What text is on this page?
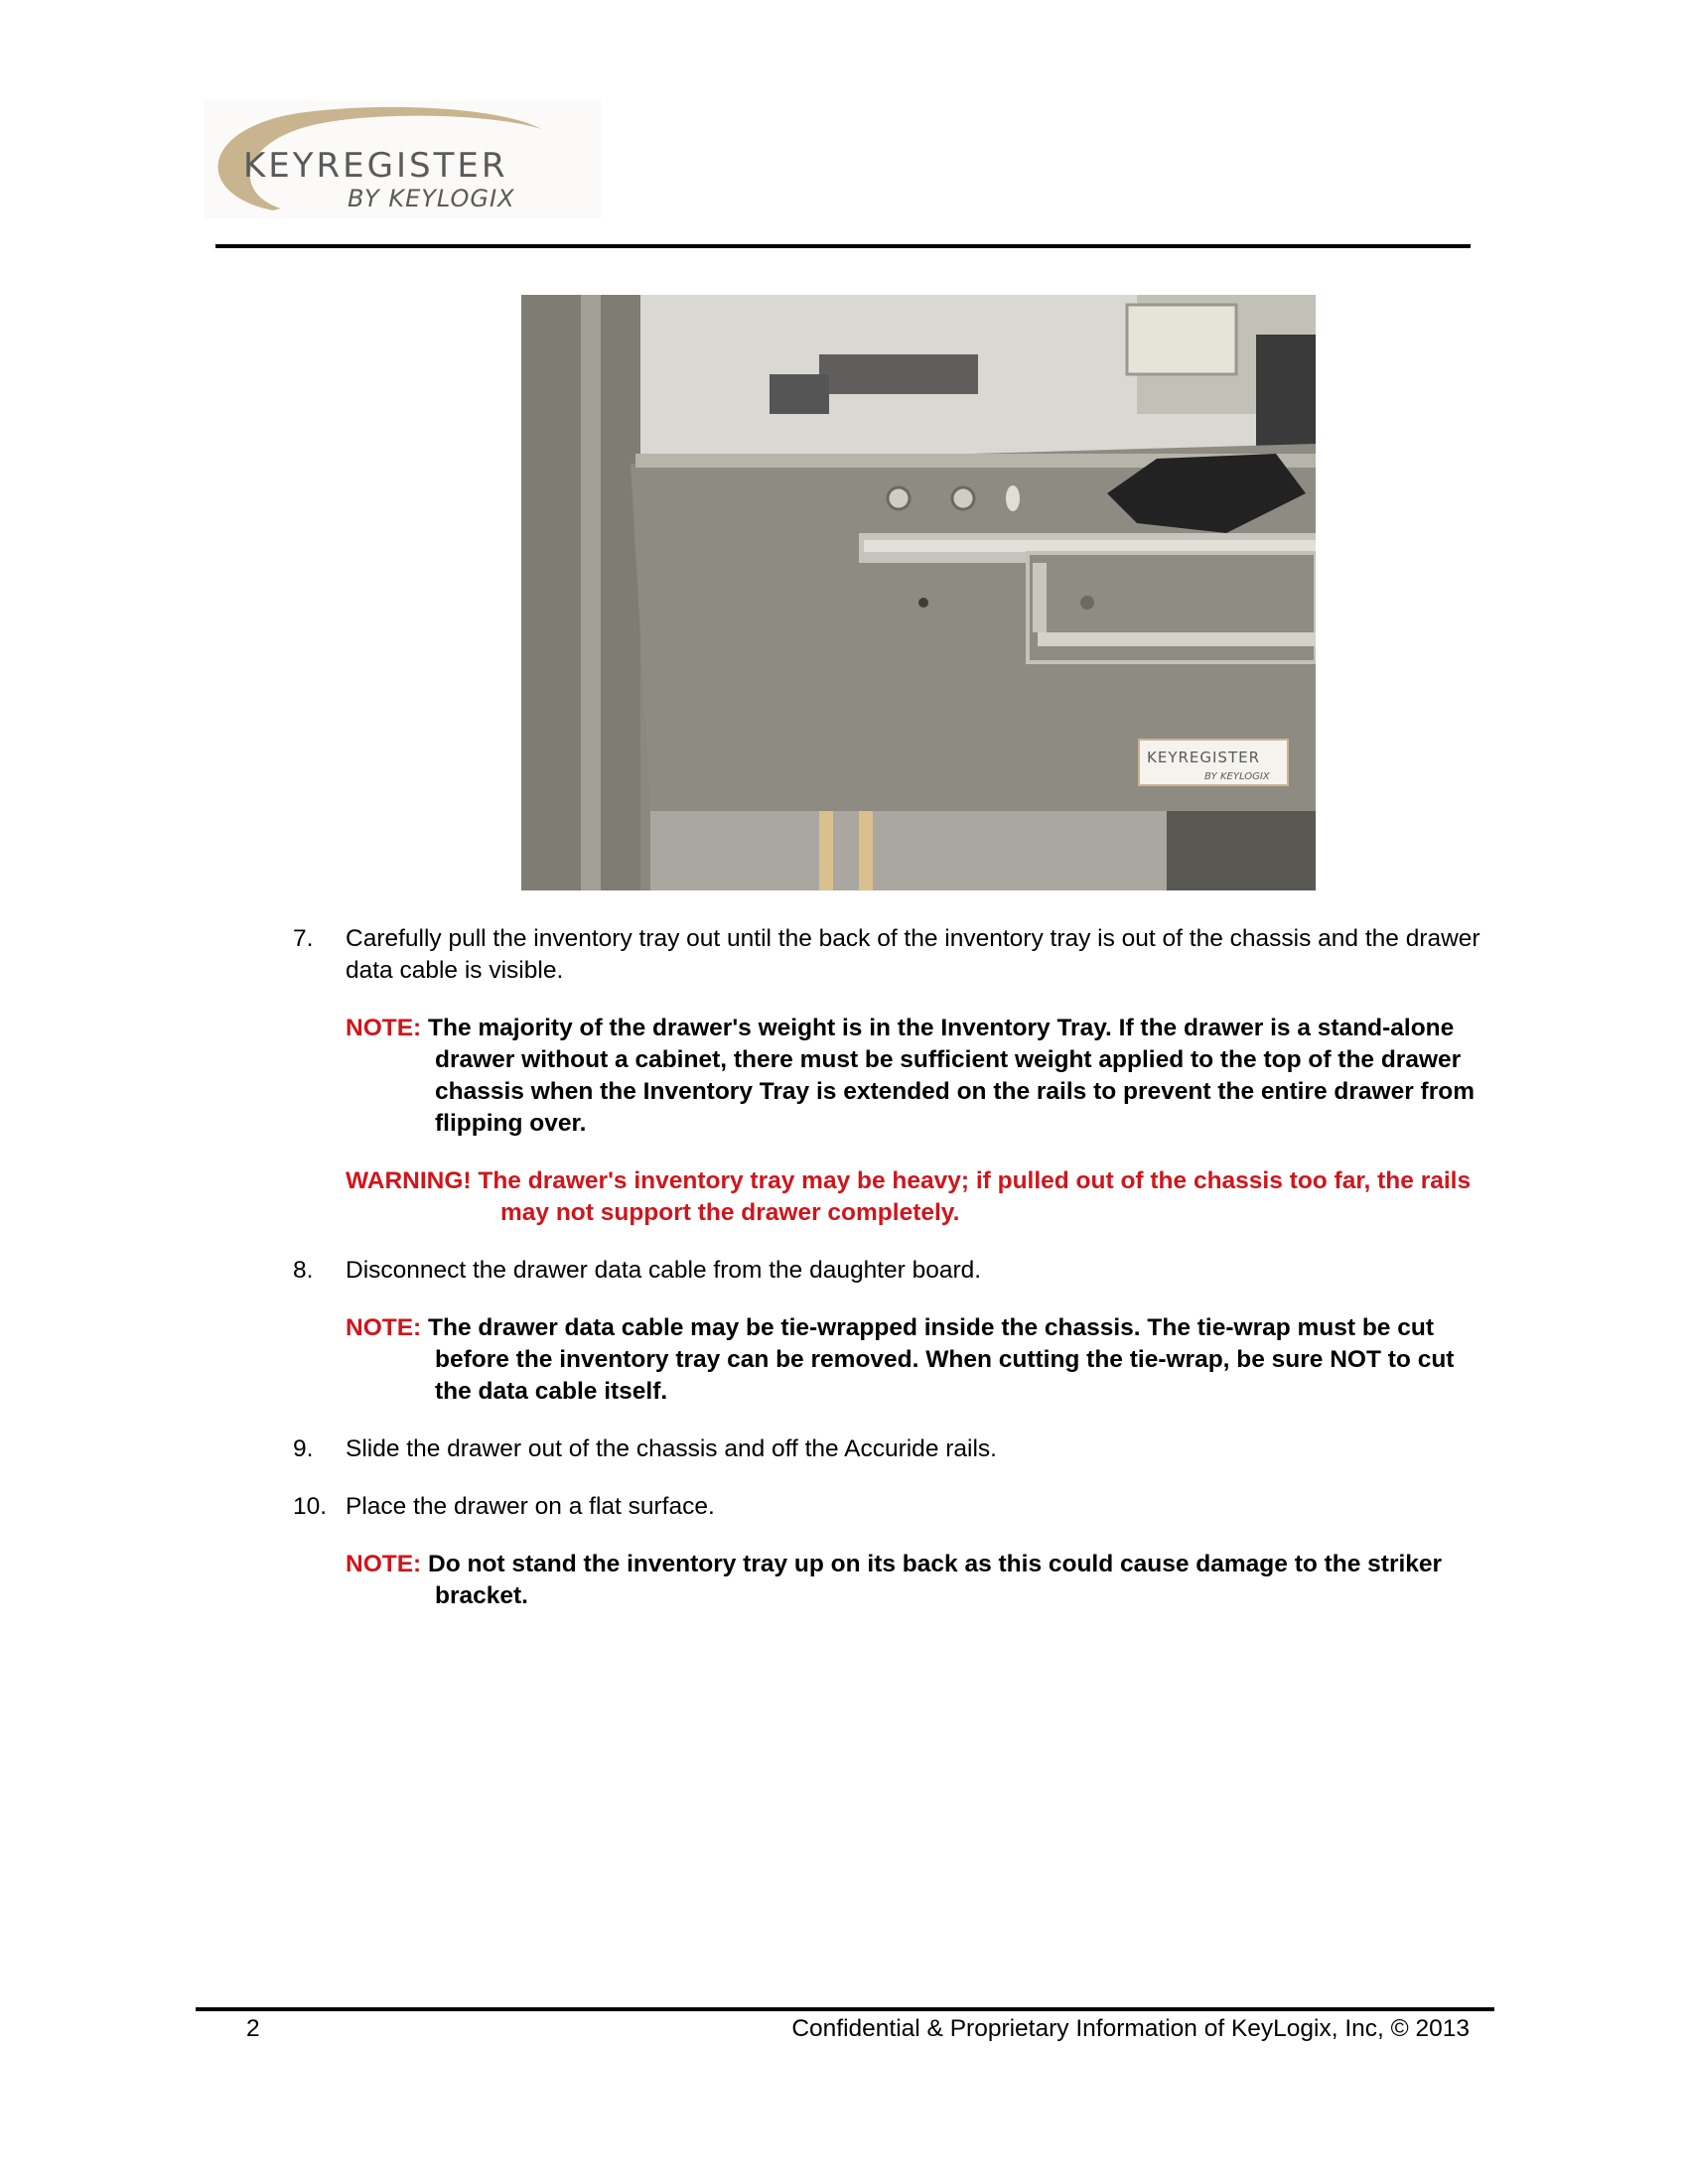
KEYREGISTER
BY KEYLOGIX
KEYREGISTER
BY KEYLOGIX
7. Carefully pull the inventory tray out until the back of the inventory tray is out of the chassis and the drawer data cable is visible.
NOTE: The majority of the drawer's weight is in the Inventory Tray. If the drawer is a stand-alone drawer without a cabinet, there must be sufficient weight applied to the top of the drawer chassis when the Inventory Tray is extended on the rails to prevent the entire drawer from flipping over.
WARNING! The drawer's inventory tray may be heavy; if pulled out of the chassis too far, the rails may not support the drawer completely.
8. Disconnect the drawer data cable from the daughter board.
NOTE: The drawer data cable may be tie-wrapped inside the chassis. The tie-wrap must be cut before the inventory tray can be removed. When cutting the tie-wrap, be sure NOT to cut the data cable itself.
9. Slide the drawer out of the chassis and off the Accuride rails.
10. Place the drawer on a flat surface.
NOTE: Do not stand the inventory tray up on its back as this could cause damage to the striker bracket.
2	Confidential & Proprietary Information of KeyLogix, Inc, © 2013
